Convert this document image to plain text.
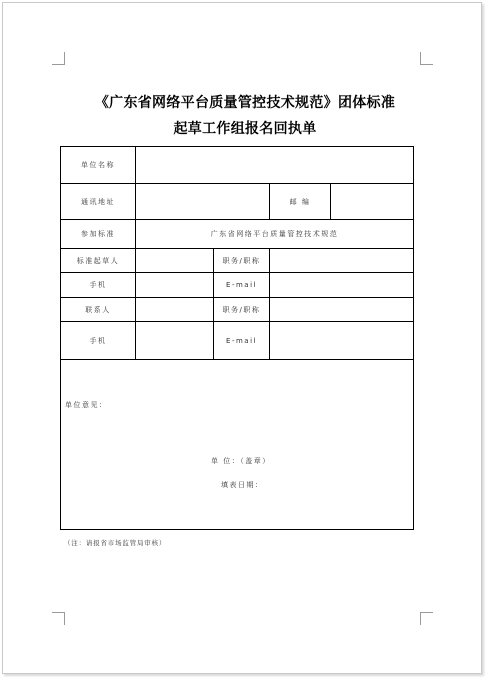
《广东省网络平台质量管控技术规范》团体标准
起草工作组报名回执单
单位名称				
通讯地址			邮 编	
参加标准	广东省网络平台质量管控技术规范			
标准起草人		职务/职称		
手机		E-mail		
联系人		职务/职称		
手机		E-mail		

单位意见：
单 位：（盖章）
填表日期：				
（注：请报省市场监管局审核）
